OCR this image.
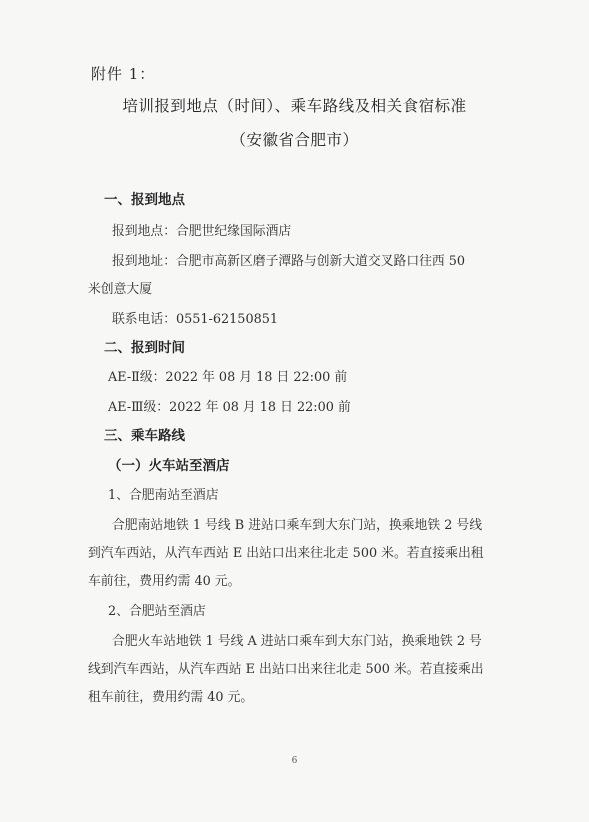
附件 1：
培训报到地点（时间）、乘车路线及相关食宿标准
（安徽省合肥市）
一、报到地点
报到地点：合肥世纪缘国际酒店
报到地址：合肥市高新区磨子潭路与创新大道交叉路口往西 50
米创意大厦
联系电话：0551-62150851
二、报到时间
AE-Ⅱ级：2022 年 08 月 18 日 22:00 前
AE-Ⅲ级：2022 年 08 月 18 日 22:00 前
三、乘车路线
（一）火车站至酒店
1、合肥南站至酒店
合肥南站地铁 1 号线 B 进站口乘车到大东门站，换乘地铁 2 号线
到汽车西站，从汽车西站 E 出站口出来往北走 500 米。若直接乘出租
车前往，费用约需 40 元。
2、合肥站至酒店
合肥火车站地铁 1 号线 A 进站口乘车到大东门站，换乘地铁 2 号
线到汽车西站，从汽车西站 E 出站口出来往北走 500 米。若直接乘出
租车前往，费用约需 40 元。
6
